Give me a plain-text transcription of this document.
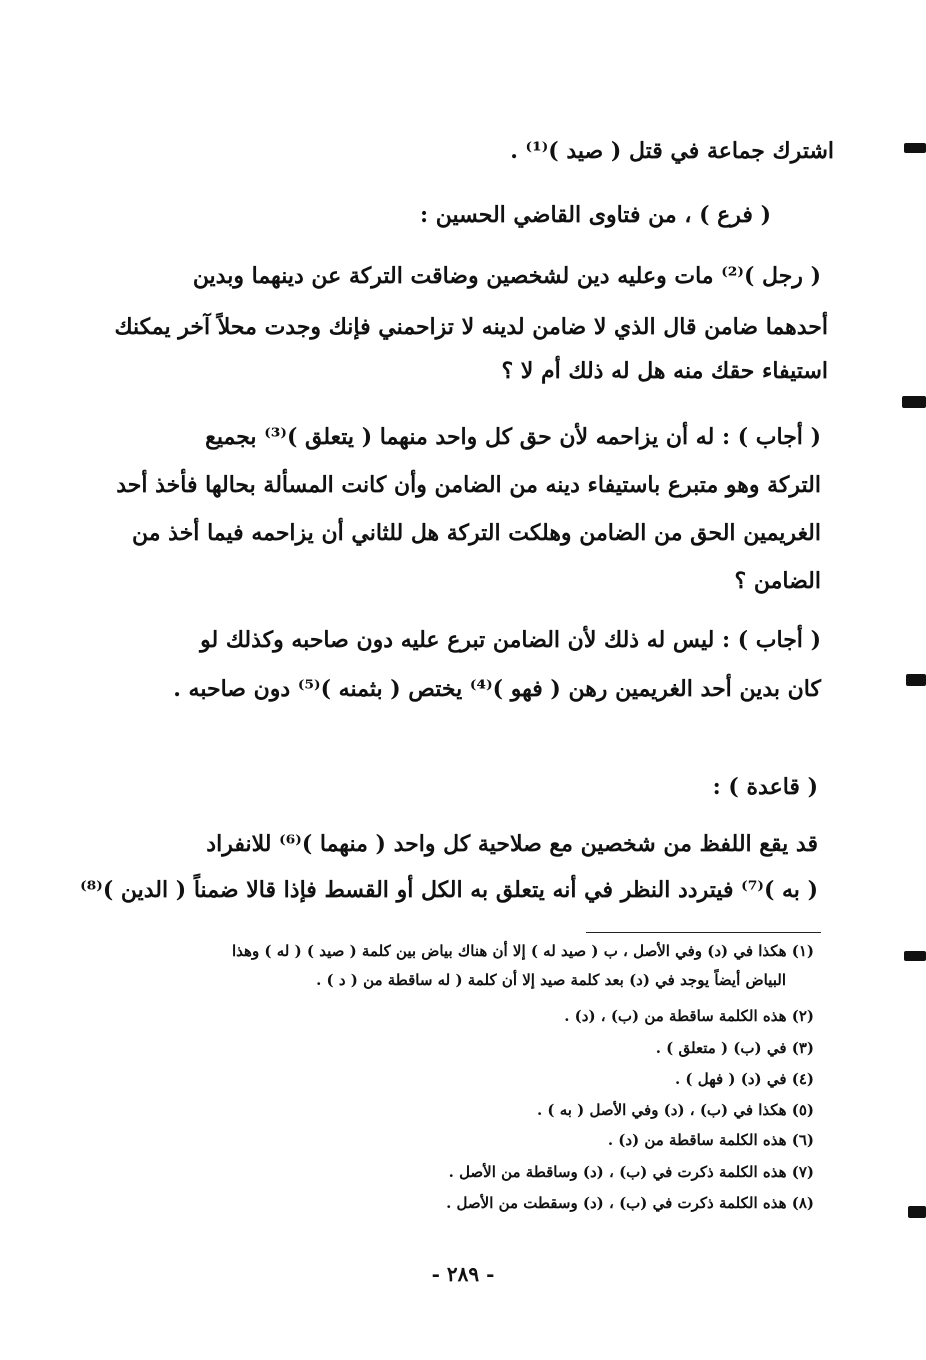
اشترك جماعة في قتل ( صيد )‏⁽¹⁾ .
( فرع ) ، من فتاوى القاضي الحسين :
( رجل )⁽²⁾ مات وعليه دين لشخصين وضاقت التركة عن دينهما وبدين
أحدهما ضامن قال الذي لا ضامن لدينه لا تزاحمني فإنك وجدت محلاً آخر يمكنك
استيفاء حقك منه هل له ذلك أم لا ؟
( أجاب ) : له أن يزاحمه لأن حق كل واحد منهما ( يتعلق )⁽³⁾ بجميع
التركة وهو متبرع باستيفاء دينه من الضامن وأن كانت المسألة بحالها فأخذ أحد
الغريمين الحق من الضامن وهلكت التركة هل للثاني أن يزاحمه فيما أخذ من
الضامن ؟
( أجاب ) : ليس له ذلك لأن الضامن تبرع عليه دون صاحبه وكذلك لو
كان بدين أحد الغريمين رهن ( فهو )⁽⁴⁾ يختص ( بثمنه )⁽⁵⁾ دون صاحبه .
( قاعدة ) :
قد يقع اللفظ من شخصين مع صلاحية كل واحد ( منهما )⁽⁶⁾ للانفراد
( به )⁽⁷⁾ فيتردد النظر في أنه يتعلق به الكل أو القسط فإذا قالا ضمناً ( الدين )⁽⁸⁾
(١) هكذا في (د) وفي الأصل ، ب ( صيد له ) إلا أن هناك بياض بين كلمة ( صيد ) ( له ) وهذا
البياض أيضاً يوجد في (د) بعد كلمة صيد إلا أن كلمة ( له ساقطة من ( د ) .
(٢) هذه الكلمة ساقطة من (ب) ، (د) .
(٣) في (ب) ( متعلق ) .
(٤) في (د) ( فهل ) .
(٥) هكذا في (ب) ، (د) وفي الأصل ( به ) .
(٦) هذه الكلمة ساقطة من (د) .
(٧) هذه الكلمة ذكرت في (ب) ، (د) وساقطة من الأصل .
(٨) هذه الكلمة ذكرت في (ب) ، (د) وسقطت من الأصل .
- ٢٨٩ -
